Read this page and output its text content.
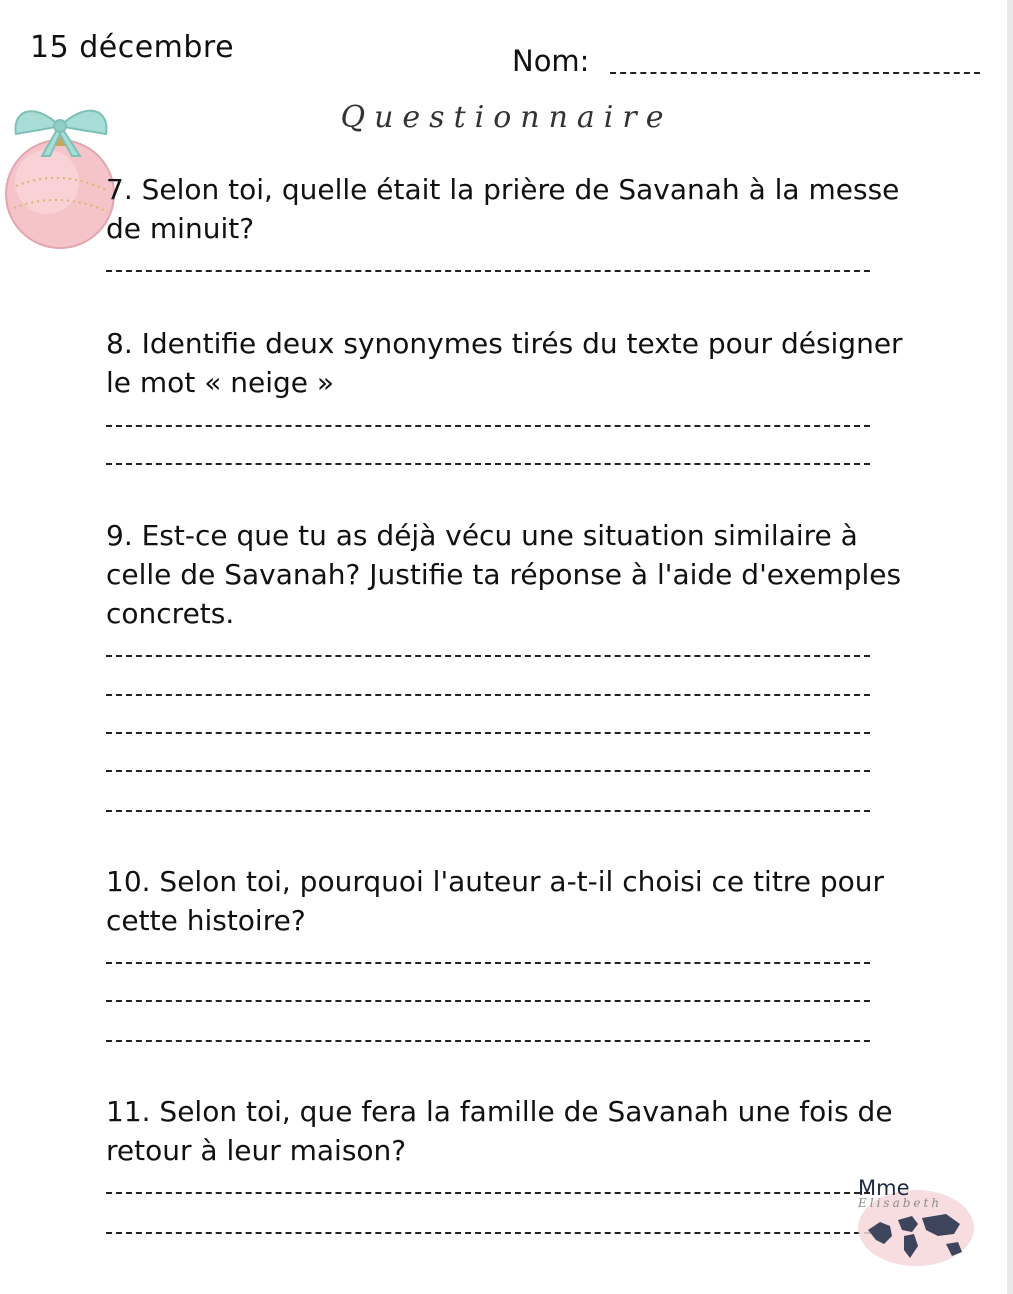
15 décembre	Nom:
Questionnaire
7. Selon toi, quelle était la prière de Savanah à la messe de minuit?
8. Identifie deux synonymes tirés du texte pour désigner le mot « neige »
9. Est-ce que tu as déjà vécu une situation similaire à celle de Savanah? Justifie ta réponse à l'aide d'exemples concrets.
10. Selon toi, pourquoi l'auteur a-t-il choisi ce titre pour cette histoire?
11. Selon toi, que fera la famille de Savanah une fois de retour à leur maison?
Mme
Elisabeth
